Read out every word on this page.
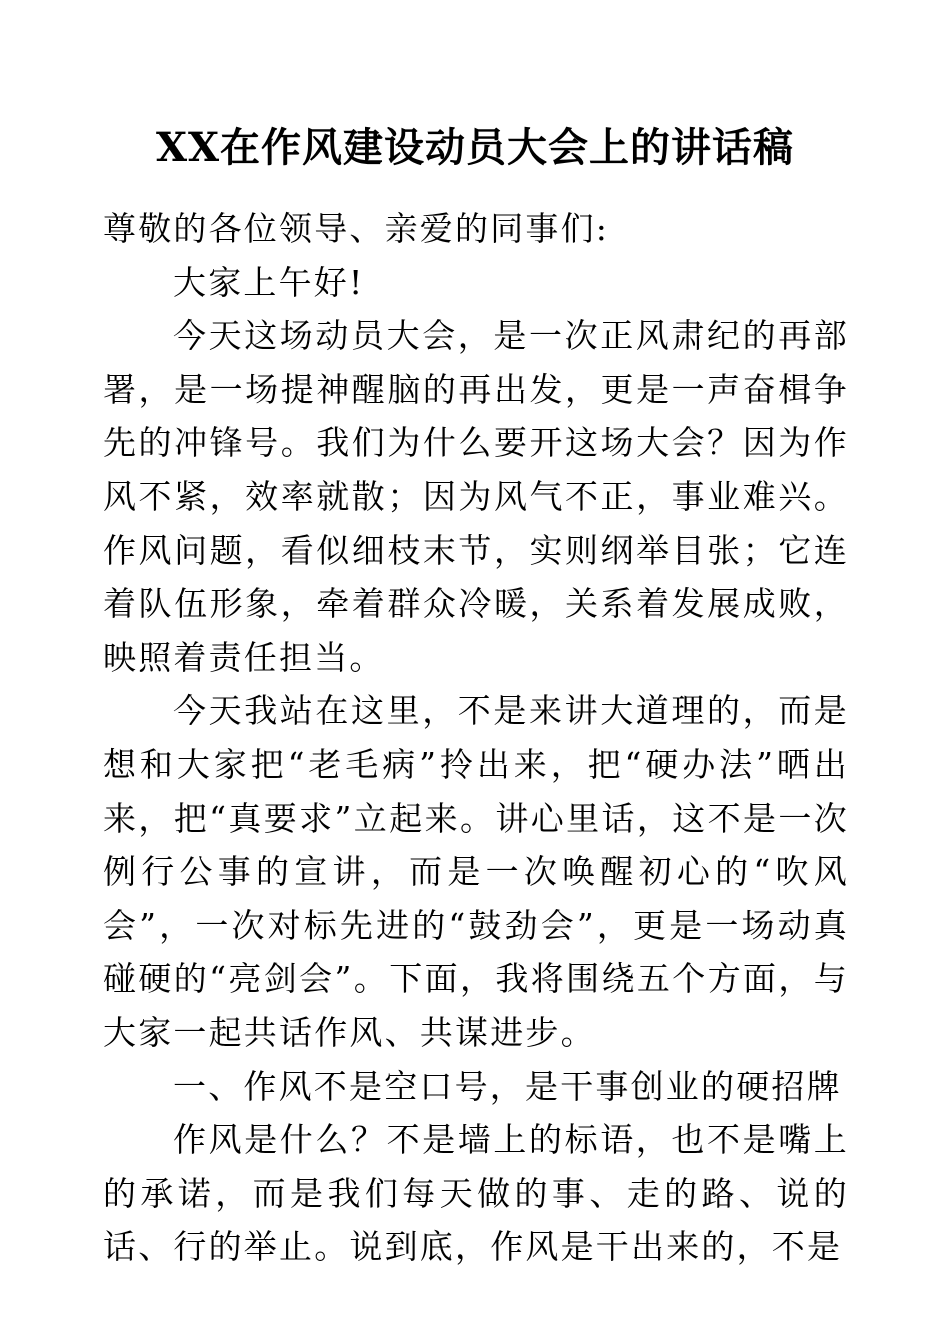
XX在作风建设动员大会上的讲话稿

尊敬的各位领导、亲爱的同事们:

大家上午好!

今天这场动员大会，是一次正风肃纪的再部署，是一场提神醒脑的再出发，更是一声奋楫争先的冲锋号。我们为什么要开这场大会？因为作风不紧，效率就散；因为风气不正，事业难兴。作风问题，看似细枝末节，实则纲举目张；它连着队伍形象，牵着群众冷暖，关系着发展成败，映照着责任担当。

今天我站在这里，不是来讲大道理的，而是想和大家把“老毛病”拎出来，把“硬办法”晒出来，把“真要求”立起来。讲心里话，这不是一次例行公事的宣讲，而是一次唤醒初心的“吹风会”，一次对标先进的“鼓劲会”，更是一场动真碰硬的“亮剑会”。下面，我将围绕五个方面，与大家一起共话作风、共谋进步。

一、作风不是空口号，是干事创业的硬招牌

作风是什么？不是墙上的标语，也不是嘴上的承诺，而是我们每天做的事、走的路、说的话、行的举止。说到底，作风是干出来的，不是
